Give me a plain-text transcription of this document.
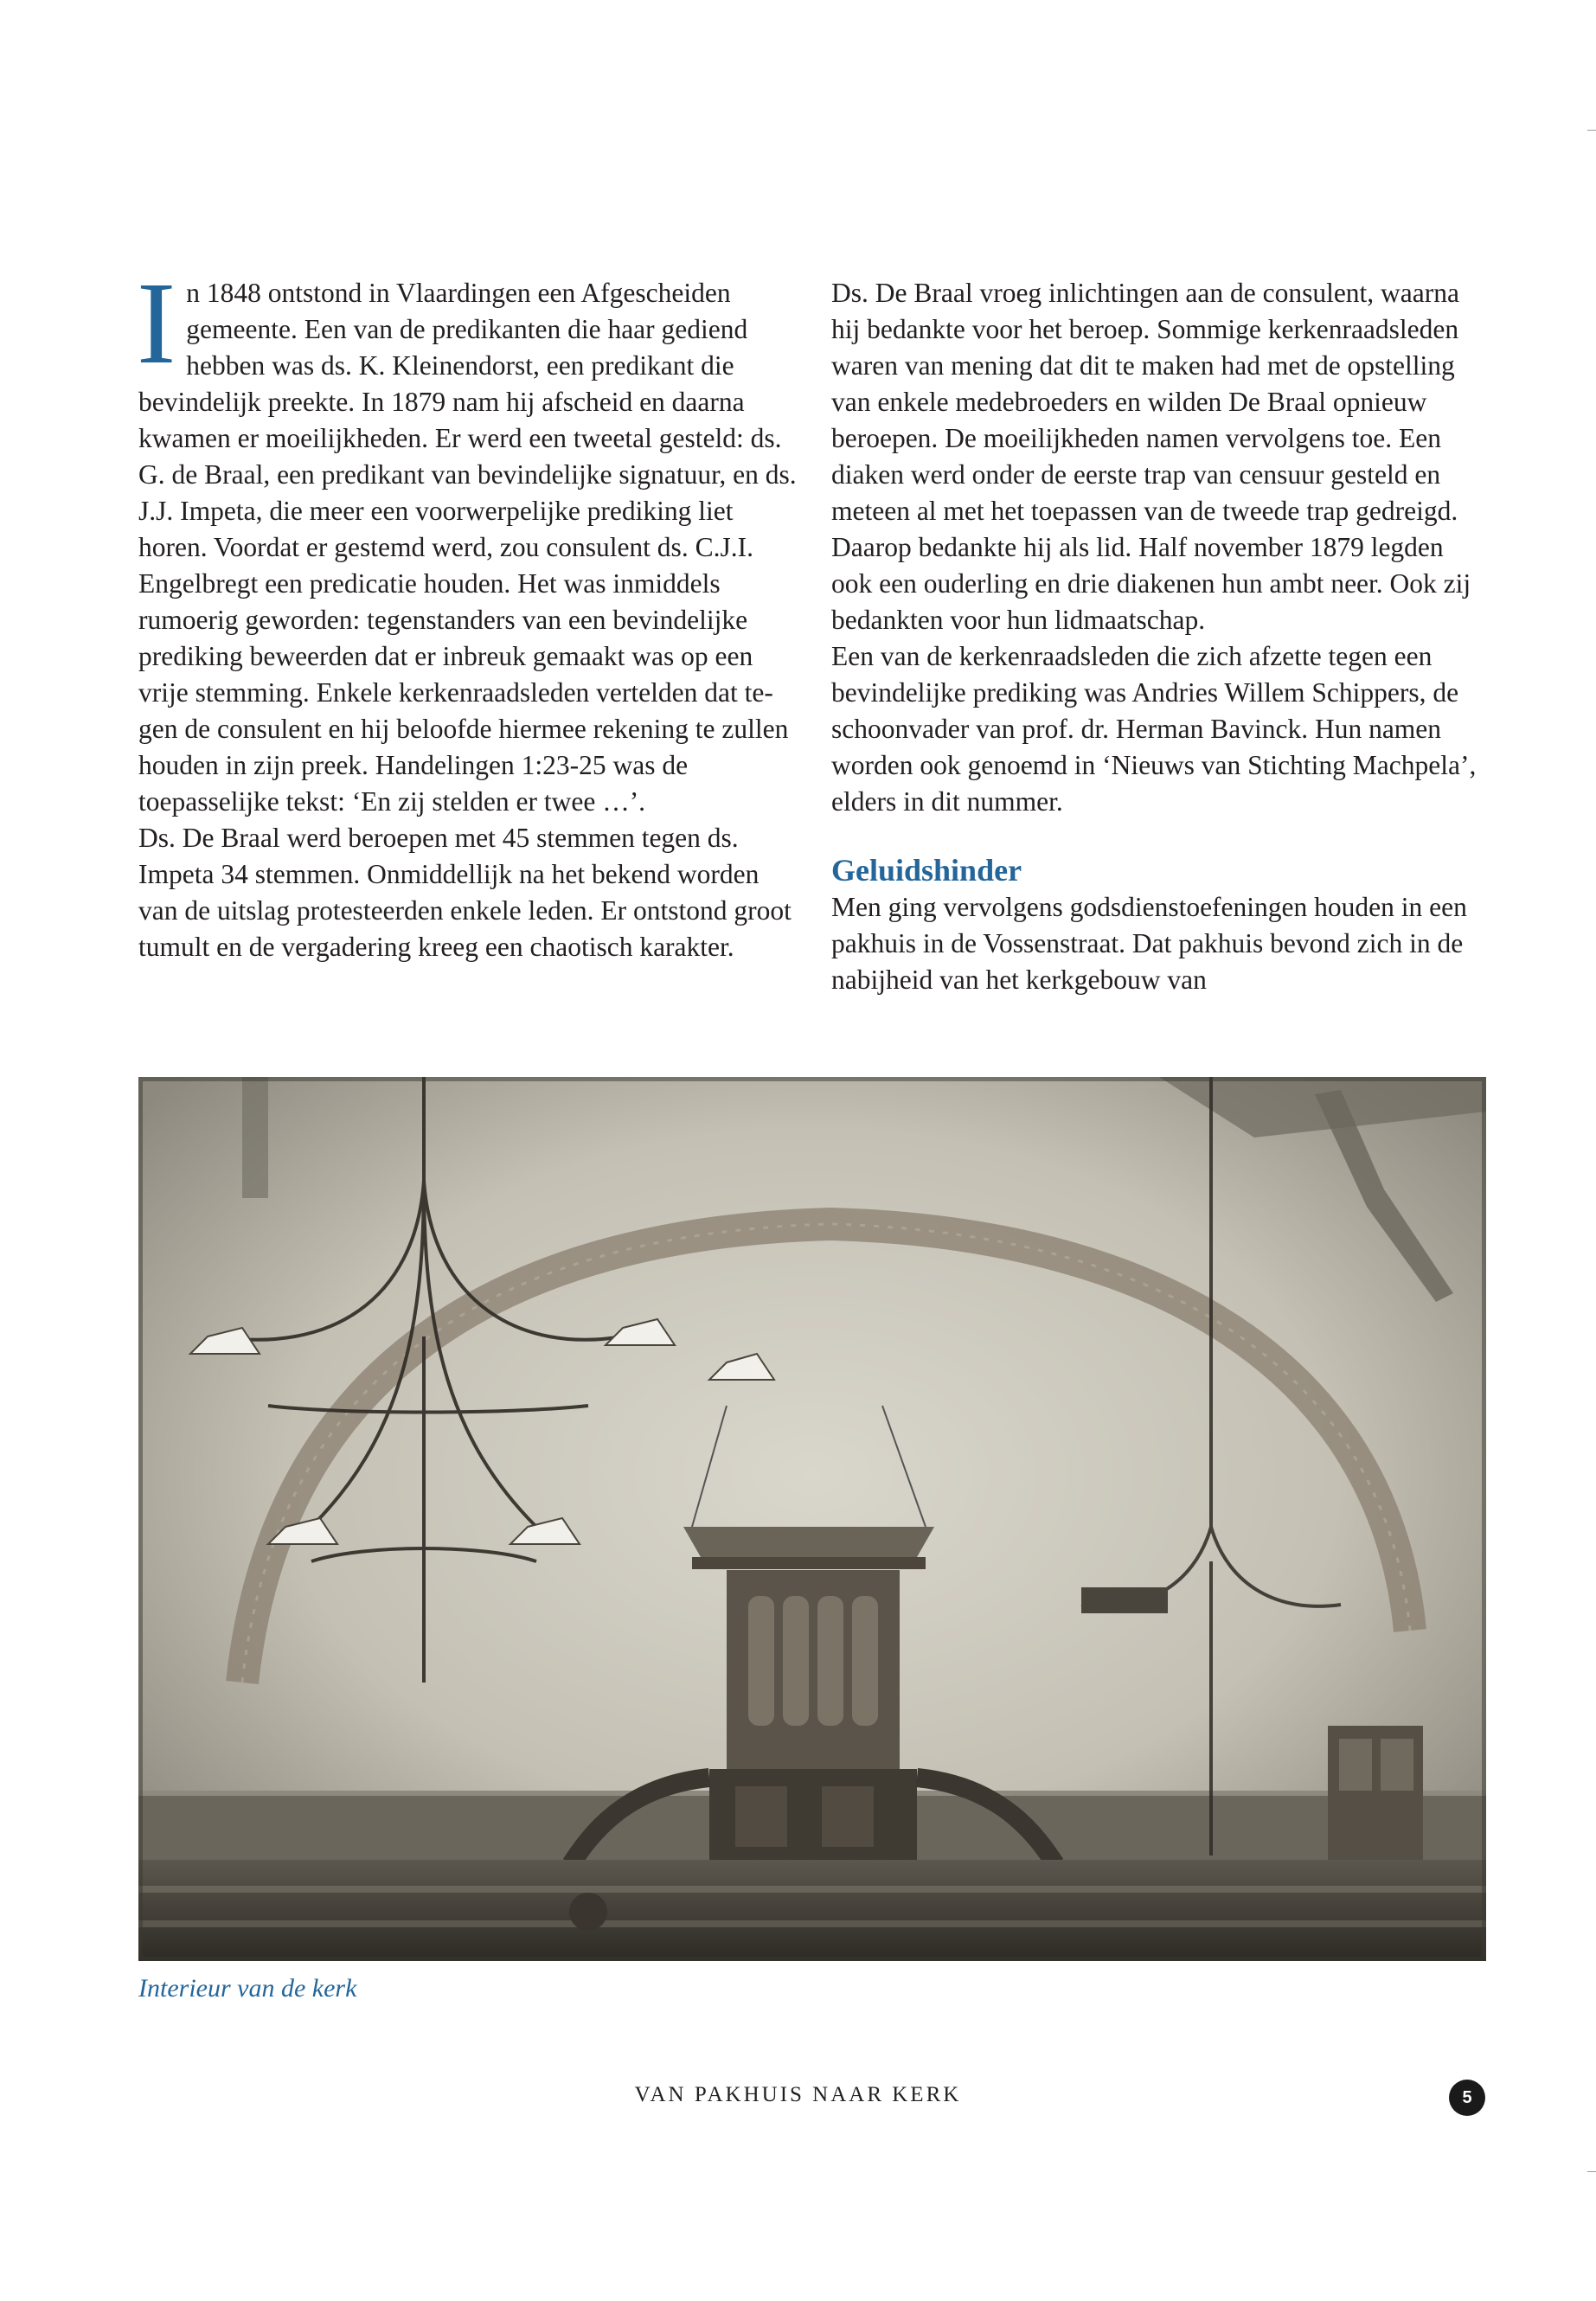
I n 1848 ontstond in Vlaardingen een Afgescheiden gemeente. Een van de predikanten die haar gediend hebben was ds. K. Kleinendorst, een predikant die bevindelijk preekte. In 1879 nam hij afscheid en daarna kwamen er moeilijkheden. Er werd een tweetal gesteld: ds. G. de Braal, een predikant van bevindelijke signatuur, en ds. J.J. Impeta, die meer een voorwerpelijke prediking liet horen. Voordat er gestemd werd, zou consulent ds. C.J.I. Engelbregt een predicatie houden. Het was inmiddels rumoerig geworden: tegenstanders van een bevindelijke prediking beweerden dat er inbreuk gemaakt was op een vrije stemming. Enkele kerkenraadsleden vertelden dat tegen de consulent en hij beloofde hiermee rekening te zullen houden in zijn preek. Handelingen 1:23-25 was de toepasselijke tekst: ‘En zij stelden er twee …’.

Ds. De Braal werd beroepen met 45 stemmen tegen ds. Impeta 34 stemmen. Onmiddellijk na het bekend worden van de uitslag protesteerden enkele leden. Er ontstond groot tumult en de vergadering kreeg een chaotisch karakter.

Ds. De Braal vroeg inlichtingen aan de consulent, waarna hij bedankte voor het beroep. Sommige kerkenraadsleden waren van mening dat dit te maken had met de opstelling van enkele medebroeders en wilden De Braal opnieuw beroepen. De moeilijkheden namen vervolgens toe. Een diaken werd onder de eerste trap van censuur gesteld en meteen al met het toepassen van de tweede trap gedreigd. Daarop bedankte hij als lid. Half november 1879 legden ook een ouderling en drie diakenen hun ambt neer. Ook zij bedankten voor hun lidmaatschap.

Een van de kerkenraadsleden die zich afzette tegen een bevindelijke prediking was Andries Willem Schippers, de schoonvader van prof. dr. Herman Bavinck. Hun namen worden ook genoemd in ‘Nieuws van Stichting Machpela’, elders in dit nummer.

Geluidshinder

Men ging vervolgens godsdienstoefeningen houden in een pakhuis in de Vossenstraat. Dat pakhuis bevond zich in de nabijheid van het kerkgebouw van

Interieur van de kerk
VAN PAKHUIS NAAR KERK	5
